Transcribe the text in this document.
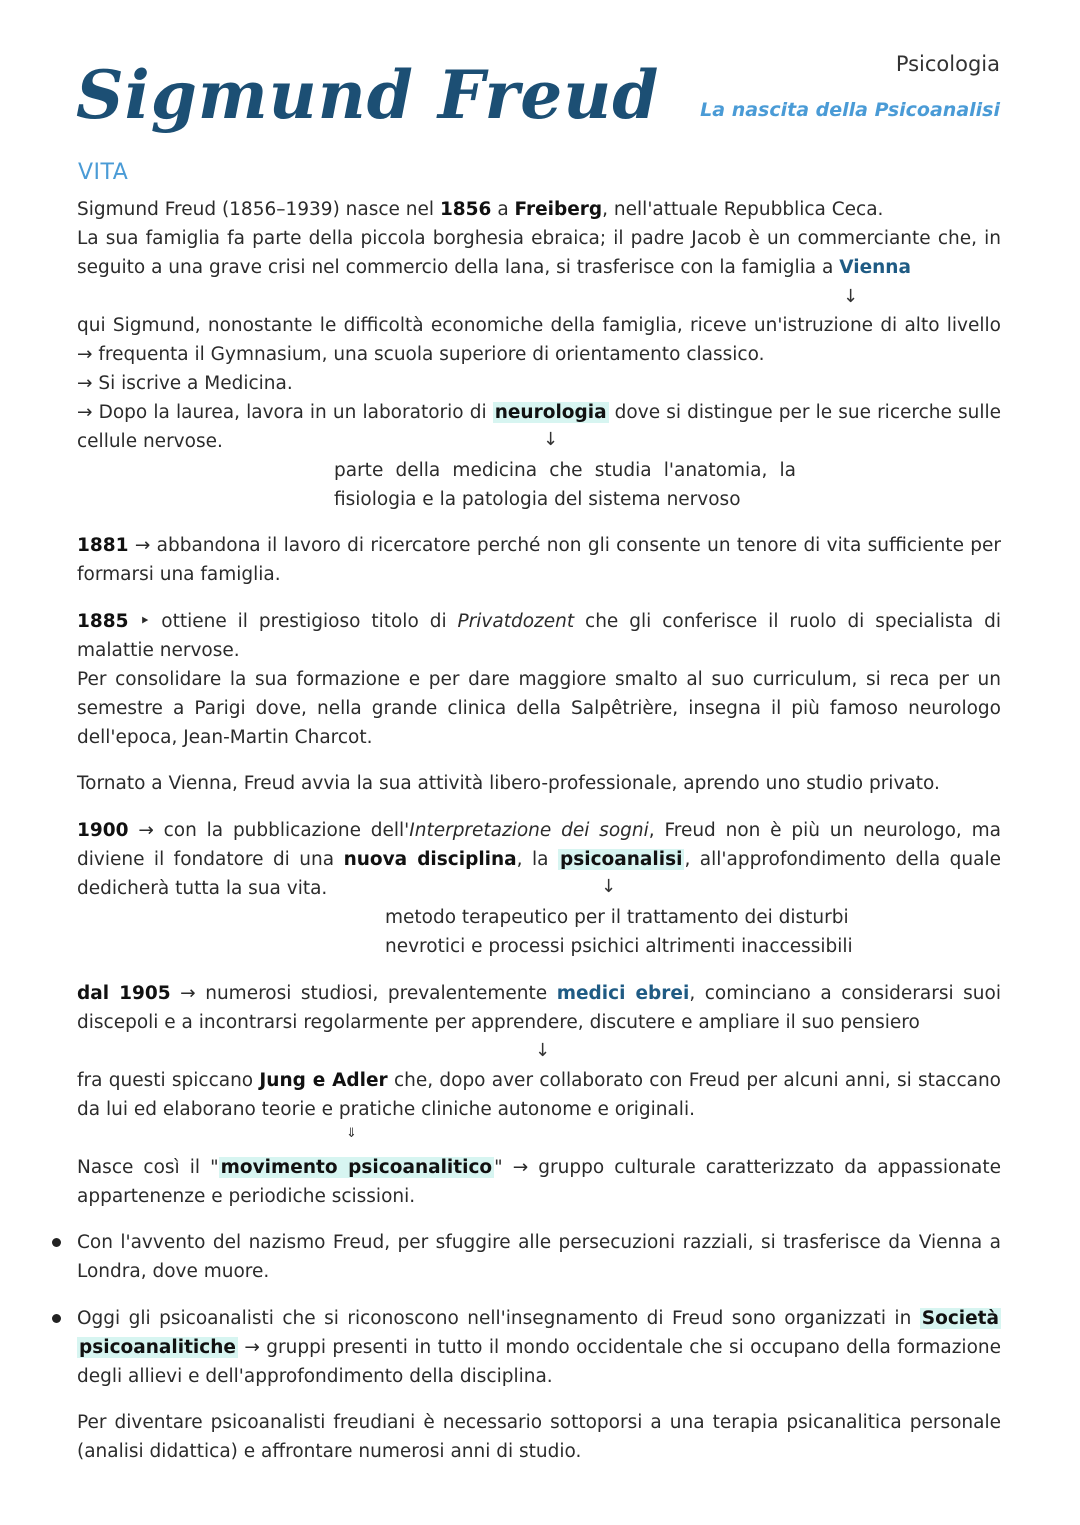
Sigmund Freud	Psicologia
La nascita della Psicoanalisi
VITA
Sigmund Freud (1856–1939) nasce nel 1856 a Freiberg, nell'attuale Repubblica Ceca.
La sua famiglia fa parte della piccola borghesia ebraica; il padre Jacob è un commerciante che, in
seguito a una grave crisi nel commercio della lana, si trasferisce con la famiglia a Vienna
↓
qui Sigmund, nonostante le difficoltà economiche della famiglia, riceve un'istruzione di alto livello
→ frequenta il Gymnasium, una scuola superiore di orientamento classico.
→ Si iscrive a Medicina.
→ Dopo la laurea, lavora in un laboratorio di neurologia dove si distingue per le sue ricerche sulle
cellule nervose.	↓
parte della medicina che studia l'anatomia, la
fisiologia e la patologia del sistema nervoso
1881 → abbandona il lavoro di ricercatore perché non gli consente un tenore di vita sufficiente per
formarsi una famiglia.
1885 ‣ ottiene il prestigioso titolo di Privatdozent che gli conferisce il ruolo di specialista di
malattie nervose.
Per consolidare la sua formazione e per dare maggiore smalto al suo curriculum, si reca per un
semestre a Parigi dove, nella grande clinica della Salpêtrière, insegna il più famoso neurologo
dell'epoca, Jean-Martin Charcot.
Tornato a Vienna, Freud avvia la sua attività libero-professionale, aprendo uno studio privato.
1900 → con la pubblicazione dell'Interpretazione dei sogni, Freud non è più un neurologo, ma
diviene il fondatore di una nuova disciplina, la psicoanalisi , all'approfondimento della quale
dedicherà tutta la sua vita.	↓
metodo terapeutico per il trattamento dei disturbi
nevrotici e processi psichici altrimenti inaccessibili
dal 1905 → numerosi studiosi, prevalentemente medici ebrei, cominciano a considerarsi suoi
discepoli e a incontrarsi regolarmente per apprendere, discutere e ampliare il suo pensiero
↓
fra questi spiccano Jung e Adler che, dopo aver collaborato con Freud per alcuni anni, si staccano
da lui ed elaborano teorie e pratiche cliniche autonome e originali.
⇓
Nasce così il " movimento psicoanalitico " → gruppo culturale caratterizzato da appassionate
appartenenze e periodiche scissioni.
Con l'avvento del nazismo Freud, per sfuggire alle persecuzioni razziali, si trasferisce da Vienna a
Londra, dove muore.
Oggi gli psicoanalisti che si riconoscono nell'insegnamento di Freud sono organizzati in Società
psicoanalitiche → gruppi presenti in tutto il mondo occidentale che si occupano della formazione
degli allievi e dell'approfondimento della disciplina.
Per diventare psicoanalisti freudiani è necessario sottoporsi a una terapia psicanalitica personale
(analisi didattica) e affrontare numerosi anni di studio.
